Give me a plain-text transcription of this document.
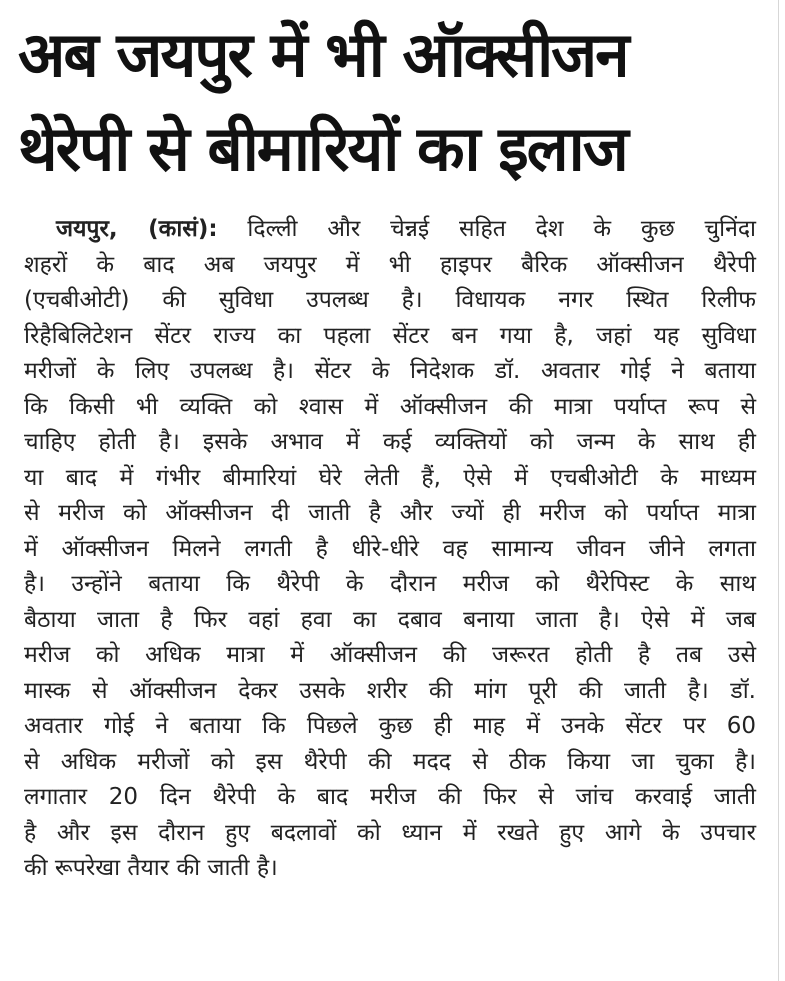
अब जयपुर में भी ऑक्सीजन
थेरेपी से बीमारियों का इलाज
जयपुर, (कासं): दिल्ली और चेन्नई सहित देश के कुछ चुनिंदा
शहरों के बाद अब जयपुर में भी हाइपर बैरिक ऑक्सीजन थैरेपी
(एचबीओटी) की सुविधा उपलब्ध है। विधायक नगर स्थित रिलीफ
रिहैबिलिटेशन सेंटर राज्य का पहला सेंटर बन गया है, जहां यह सुविधा
मरीजों के लिए उपलब्ध है। सेंटर के निदेशक डॉ. अवतार गोई ने बताया
कि किसी भी व्यक्ति को श्वास में ऑक्सीजन की मात्रा पर्याप्त रूप से
चाहिए होती है। इसके अभाव में कई व्यक्तियों को जन्म के साथ ही
या बाद में गंभीर बीमारियां घेरे लेती हैं, ऐसे में एचबीओटी के माध्यम
से मरीज को ऑक्सीजन दी जाती है और ज्यों ही मरीज को पर्याप्त मात्रा
में ऑक्सीजन मिलने लगती है धीरे-धीरे वह सामान्य जीवन जीने लगता
है। उन्होंने बताया कि थैरेपी के दौरान मरीज को थैरेपिस्ट के साथ
बैठाया जाता है फिर वहां हवा का दबाव बनाया जाता है। ऐसे में जब
मरीज को अधिक मात्रा में ऑक्सीजन की जरूरत होती है तब उसे
मास्क से ऑक्सीजन देकर उसके शरीर की मांग पूरी की जाती है। डॉ.
अवतार गोई ने बताया कि पिछले कुछ ही माह में उनके सेंटर पर 60
से अधिक मरीजों को इस थैरेपी की मदद से ठीक किया जा चुका है।
लगातार 20 दिन थैरेपी के बाद मरीज की फिर से जांच करवाई जाती
है और इस दौरान हुए बदलावों को ध्यान में रखते हुए आगे के उपचार
की रूपरेखा तैयार की जाती है।
